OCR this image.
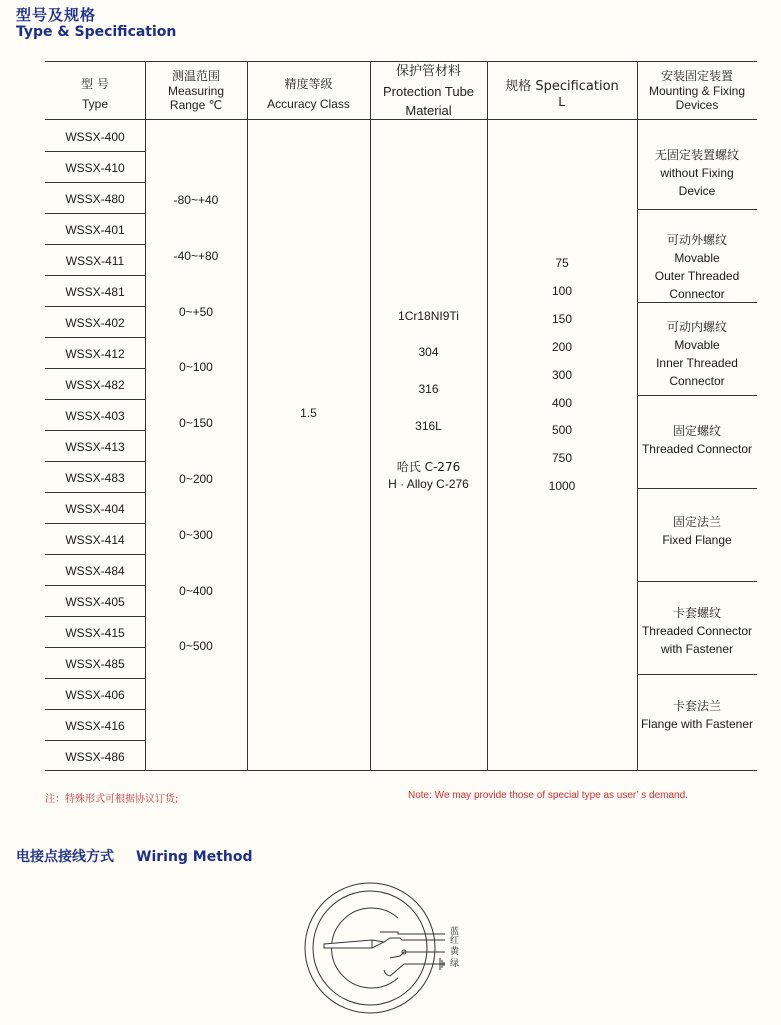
型号及规格
Type & Specification
型 号
Type
测温范围
Measuring
Range ℃
精度等级
Accuracy Class
保护管材料
Protection Tube
Material
规格 Specification
L
安装固定装置
Mounting & Fixing
Devices
WSSX-400
WSSX-410
WSSX-480
WSSX-401
WSSX-411
WSSX-481
WSSX-402
WSSX-412
WSSX-482
WSSX-403
WSSX-413
WSSX-483
WSSX-404
WSSX-414
WSSX-484
WSSX-405
WSSX-415
WSSX-485
WSSX-406
WSSX-416
WSSX-486
-80~+40
-40~+80
0~+50
0~100
0~150
0~200
0~300
0~400
0~500
1.5
1Cr18NI9Ti
304
316
316L
哈氏 C-276
H · Alloy C-276
75
100
150
200
300
400
500
750
1000
无固定装置螺纹
without Fixing
Device
可动外螺纹
Movable
Outer Threaded
Connector
可动内螺纹
Movable
Inner Threaded
Connector
固定螺纹
Threaded Connector
固定法兰
Fixed Flange
卡套螺纹
Threaded Connector
with Fastener
卡套法兰
Flange with Fastener
注：特殊形式可根据协议订货;	Note: We may provide those of special type as user’ s demand.
电接点接线方式 Wiring Method
蓝
红
黄
绿
